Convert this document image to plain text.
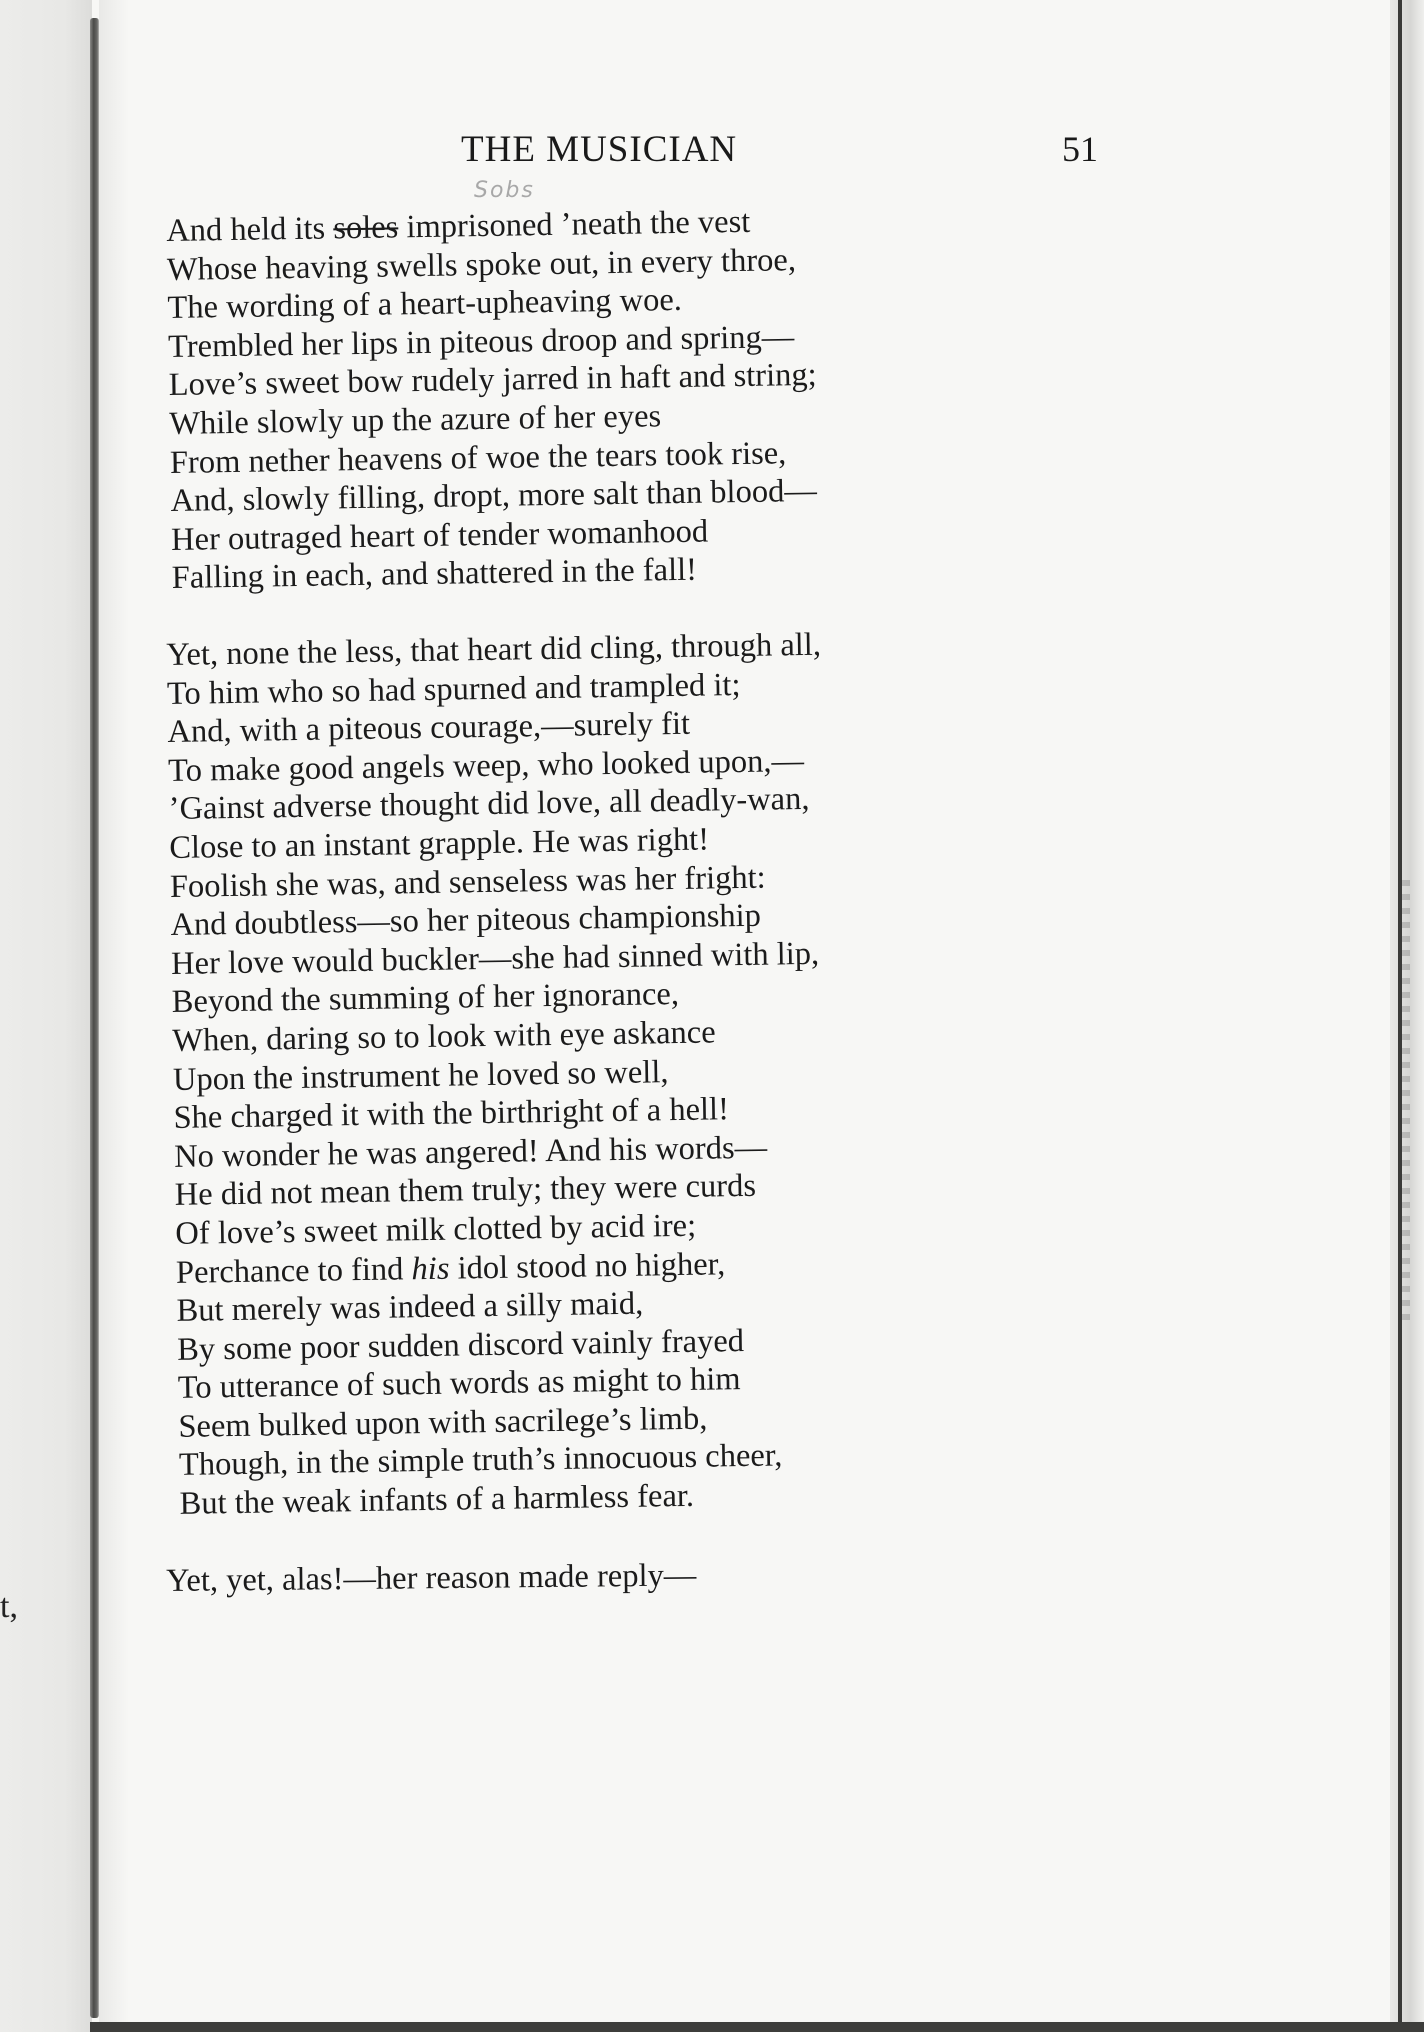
t,
THE MUSICIAN	51
Sobs
And held its soles imprisoned ’neath the vest
Whose heaving swells spoke out, in every throe,
The wording of a heart-upheaving woe.
Trembled her lips in piteous droop and spring—
Love’s sweet bow rudely jarred in haft and string;
While slowly up the azure of her eyes
From nether heavens of woe the tears took rise,
And, slowly filling, dropt, more salt than blood—
Her outraged heart of tender womanhood
Falling in each, and shattered in the fall!
Yet, none the less, that heart did cling, through all,
To him who so had spurned and trampled it;
And, with a piteous courage,—surely fit
To make good angels weep, who looked upon,—
’Gainst adverse thought did love, all deadly-wan,
Close to an instant grapple. He was right!
Foolish she was, and senseless was her fright:
And doubtless—so her piteous championship
Her love would buckler—she had sinned with lip,
Beyond the summing of her ignorance,
When, daring so to look with eye askance
Upon the instrument he loved so well,
She charged it with the birthright of a hell!
No wonder he was angered! And his words—
He did not mean them truly; they were curds
Of love’s sweet milk clotted by acid ire;
Perchance to find his idol stood no higher,
But merely was indeed a silly maid,
By some poor sudden discord vainly frayed
To utterance of such words as might to him
Seem bulked upon with sacrilege’s limb,
Though, in the simple truth’s innocuous cheer,
But the weak infants of a harmless fear.
Yet, yet, alas!—her reason made reply—
